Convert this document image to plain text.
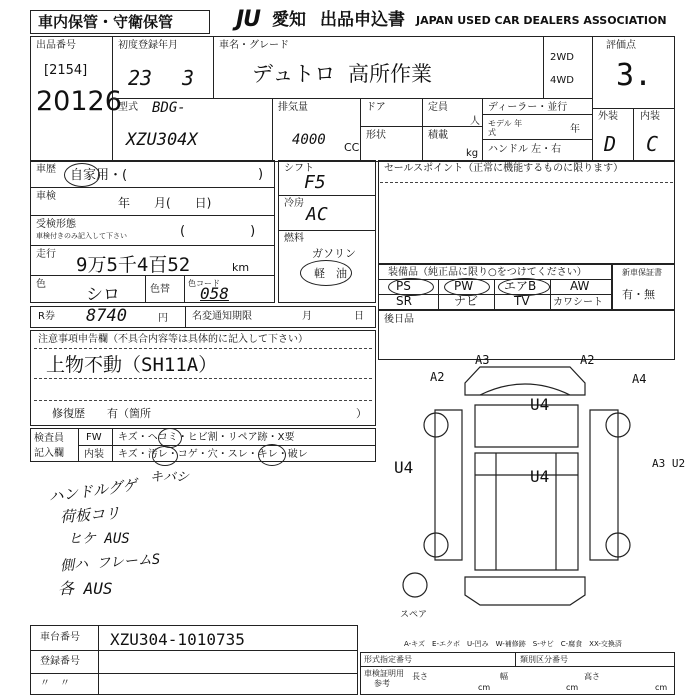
車内保管・守衛保管	JU 愛知 出品申込書 JAPAN USED CAR DEALERS ASSOCIATION
出品番号
[2154]
20126
初度登録年月
23 3
車名・グレード
デュトロ 高所作業
2WD
4WD
評価点
3.
外装 内装
D C
型式 BDG-
XZU304X
排気量
4000 CC
ドア
形状
定員
人
積載
kg
ディーラー・並行
モデル 年式	年
ハンドル 左・右
車歴 自家用・(	)
車検	年　　月(　　日)
受検形態
車検付きのみ記入して下さい	(　　　　　)
走行 9万5千4百52	km
色
シロ	色替
色コード
058
シフト
F5
冷房
AC
燃料
ガソリン
軽　油
セールスポイント（正常に機能するものに限ります）
装備品（純正品に限り○をつけてください）
PS	PW	エアB	AW
SR	ナビ	TV カワシート
新車保証書
有・無
R券 8740	円 名変通知期限	月	日
注意事項申告欄（不具合内容等は具体的に記入して下さい）
上物不動（SH11A）
修復歴　　有（箇所	）
後日品
検査員
記入欄
FW キズ・ヘコミ・ヒビ割・リペア跡・X要
内装 キズ・汚レ・コゲ・穴・スレ・キレ・破レ
キバシ
ハンドルグゲ
荷板コリ
ヒケ AUS
側ハ フレームS
各 AUS
A3	A2
A2	A4
U4
U4	U4
A3 U2
スペア
A-キズ　E-エクボ　U-凹み　W-補修跡　S-サビ　C-腐食　XX-交換済
車台番号 XZU304-1010735
登録番号
〃　〃
形式指定番号	類別区分番号
車検証明用
参考
長さ
cm
幅
cm
高さ
cm
